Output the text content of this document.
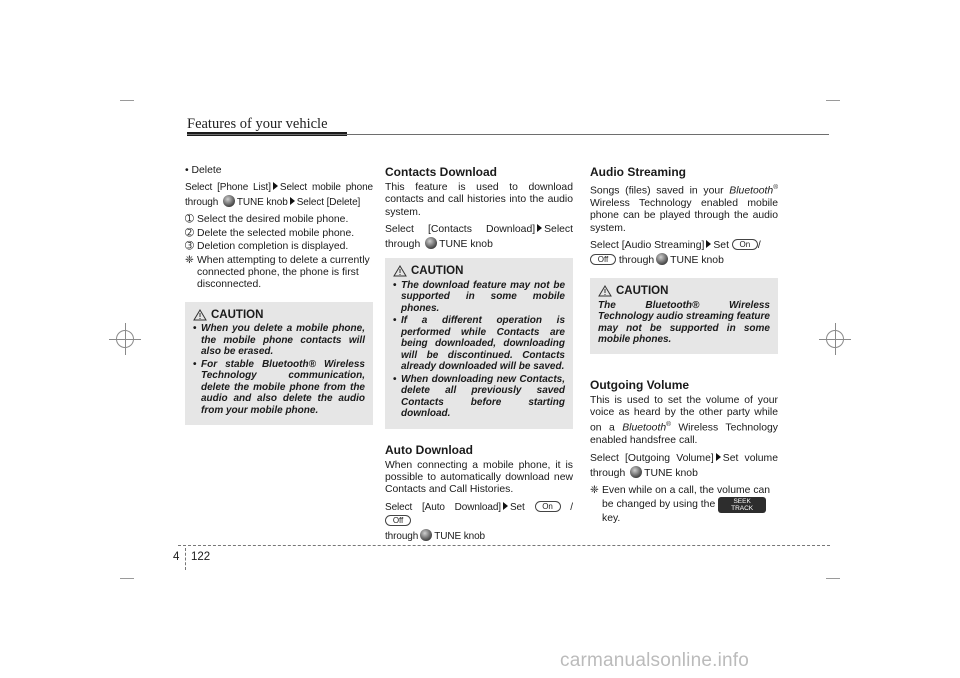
Features of your vehicle
• Delete

Select [Phone List] Select mobile phone through TUNE knob Select [Delete]

➀ Select the desired mobile phone.
➁ Delete the selected mobile phone.
➂ Deletion completion is displayed.
❈ When attempting to delete a currently connected phone, the phone is first disconnected.
CAUTION
• When you delete a mobile phone, the mobile phone contacts will also be erased.
• For stable Bluetooth® Wireless Technology communication, delete the mobile phone from the audio and also delete the audio from your mobile phone.
Contacts Download

This feature is used to download contacts and call histories into the audio system.

Select [Contacts Download] Select through TUNE knob

CAUTION
• The download feature may not be supported in some mobile phones.
• If a different operation is performed while Contacts are being downloaded, downloading will be discontinued. Contacts already downloaded will be saved.
• When downloading new Contacts, delete all previously saved Contacts before starting download.
Auto Download

When connecting a mobile phone, it is possible to automatically download new Contacts and Call Histories.

Select [Auto Download] Set On / Off
through TUNE knob

Audio Streaming

Songs (files) saved in your Bluetooth® Wireless Technology enabled mobile phone can be played through the audio system.

Select [Audio Streaming] Set On /
Off through TUNE knob

CAUTION
The Bluetooth® Wireless Technology audio streaming feature may not be supported in some mobile phones.
Outgoing Volume

This is used to set the volume of your voice as heard by the other party while on a Bluetooth® Wireless Technology enabled handsfree call.

Select [Outgoing Volume] Set volume through TUNE knob

❈ Even while on a call, the volume can be changed by using the	SEEK
TRACK key.
4 122
carmanualsonline.info
